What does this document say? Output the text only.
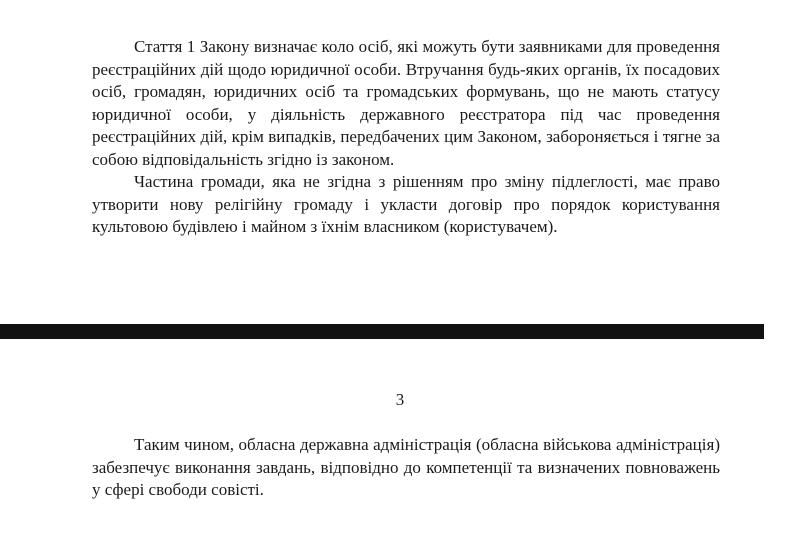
Стаття 1 Закону визначає коло осіб, які можуть бути заявниками для проведення реєстраційних дій щодо юридичної особи. Втручання будь-яких органів, їх посадових осіб, громадян, юридичних осіб та громадських формувань, що не мають статусу юридичної особи, у діяльність державного реєстратора під час проведення реєстраційних дій, крім випадків, передбачених цим Законом, забороняється і тягне за собою відповідальність згідно із законом.

Частина громади, яка не згідна з рішенням про зміну підлеглості, має право утворити нову релігійну громаду і укласти договір про порядок користування культовою будівлею і майном з їхнім власником (користувачем).

3

Таким чином, обласна державна адміністрація (обласна військова адміністрація) забезпечує виконання завдань, відповідно до компетенції та визначених повноважень у сфері свободи совісті.
